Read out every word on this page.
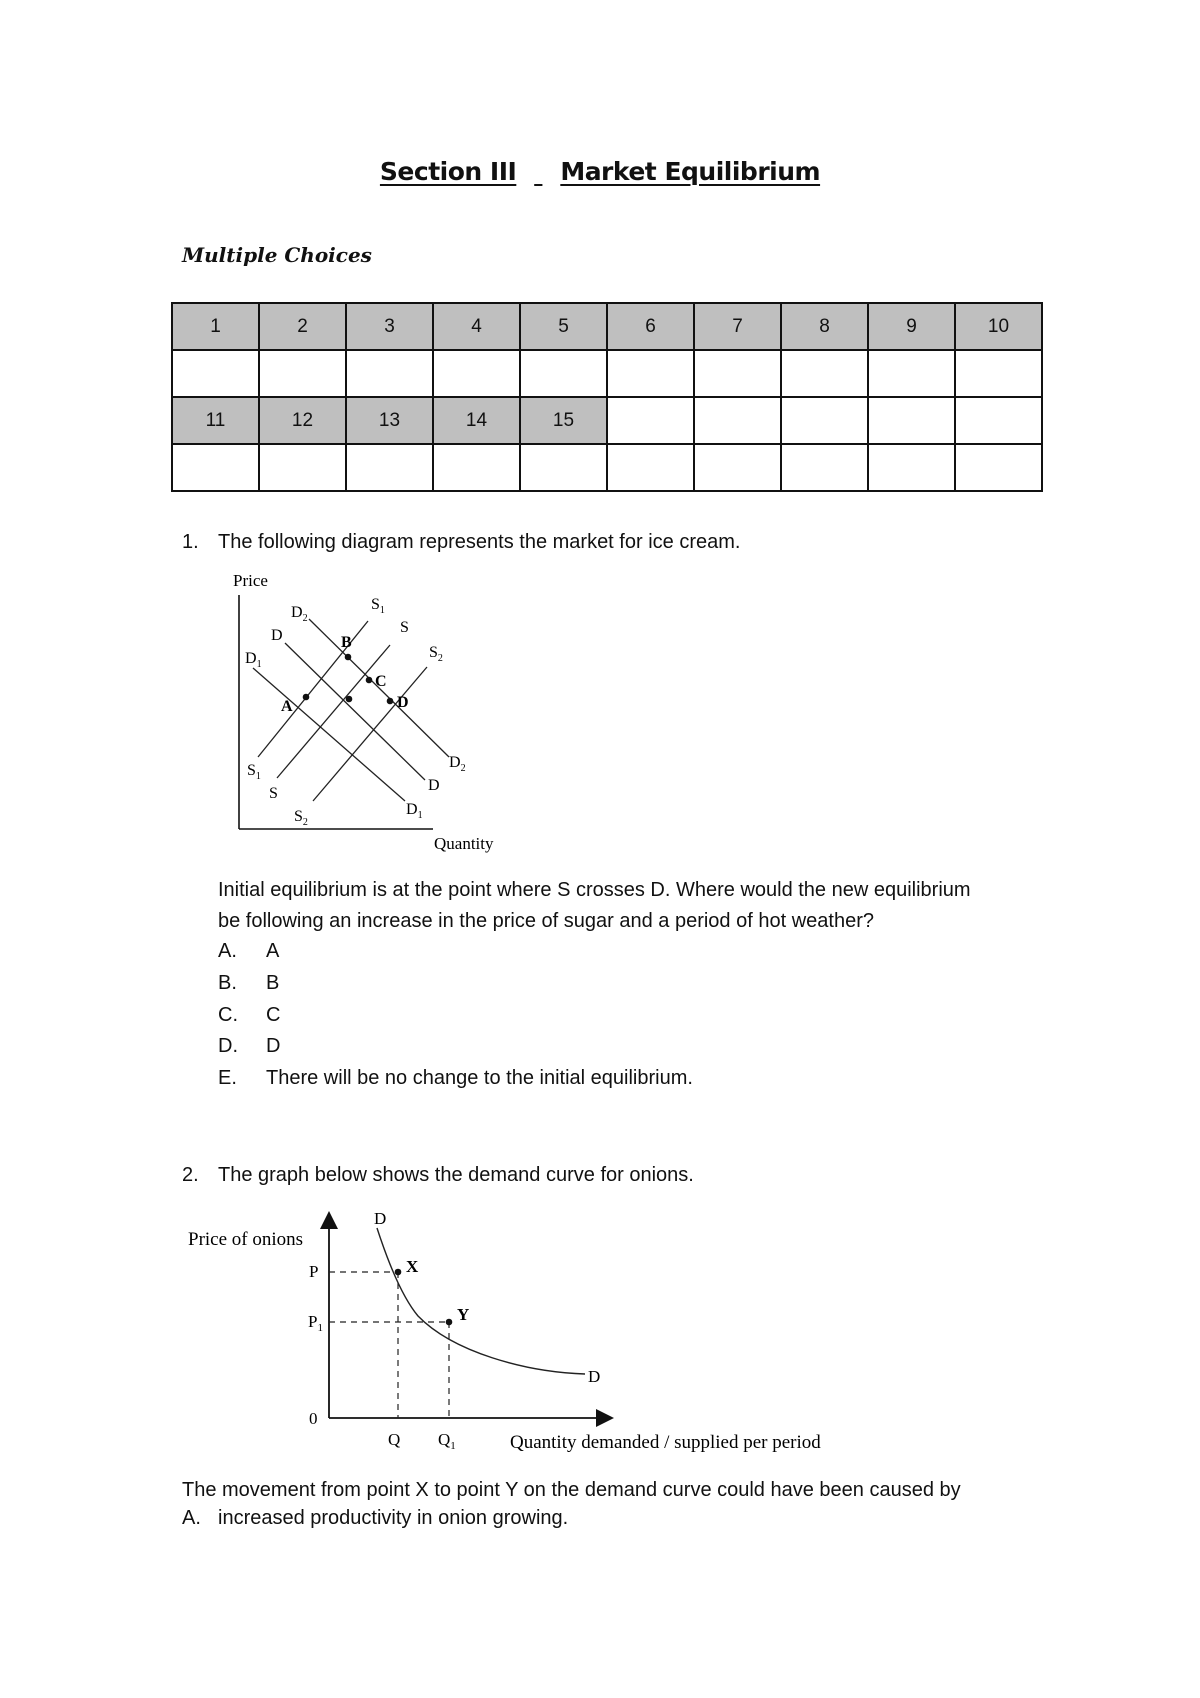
Section III Market Equilibrium
Multiple Choices
1	2	3	4	5	6	7	8	9	10

11	12	13	14	15					

1. The following diagram represents the market for ice cream.
Price
Quantity
$D_2$
D
$D_1$
$S_1$
S
$S_2$
$S_1$
S
$S_2$
$D_2$
D
$D_1$
A
B
C
D
Initial equilibrium is at the point where S crosses D. Where would the new equilibrium
be following an increase in the price of sugar and a period of hot weather?
A. A
B. B
C. C
D. D
E. There will be no change to the initial equilibrium.
2. The graph below shows the demand curve for onions.
Price of onions
Quantity demanded / supplied per period
D
D
X
Y
P
$P_1$
0
Q $Q_1$
The movement from point X to point Y on the demand curve could have been caused by
A. increased productivity in onion growing.
